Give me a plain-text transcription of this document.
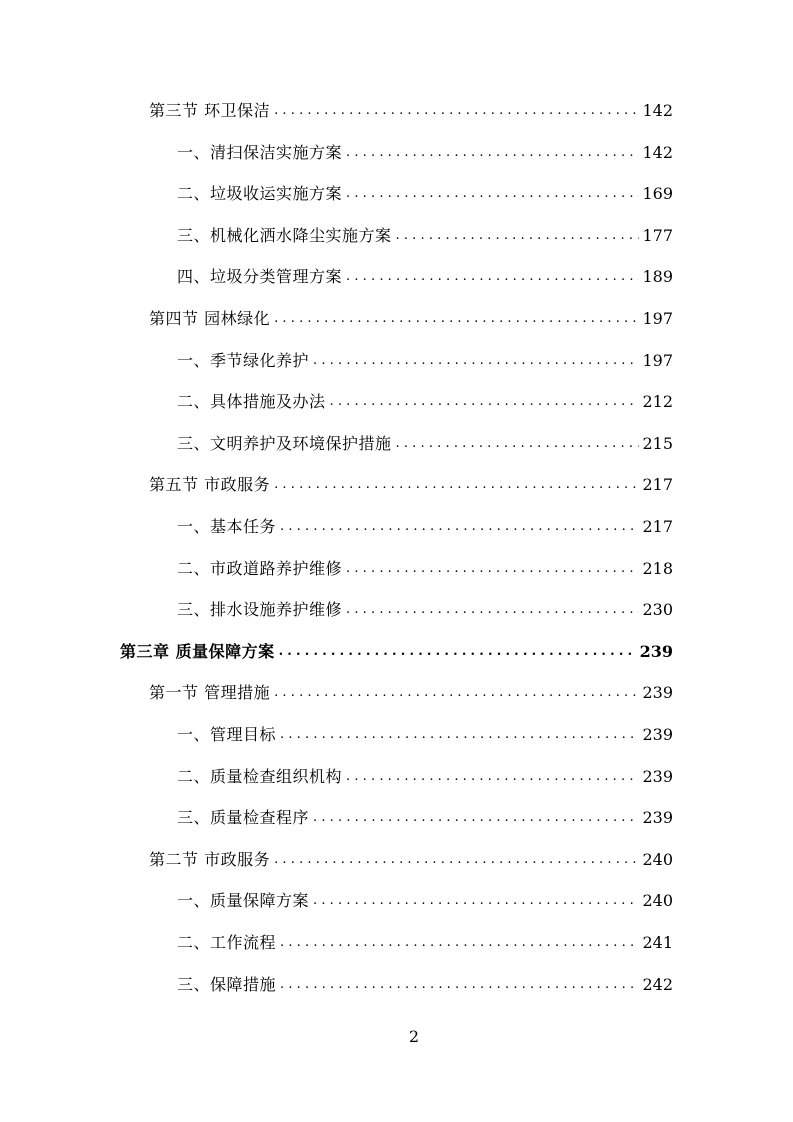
第三节 环卫保洁 .....	142
一、清扫保洁实施方案 .....	142
二、垃圾收运实施方案 .....	169
三、机械化洒水降尘实施方案 .....	177
四、垃圾分类管理方案 .....	189
第四节 园林绿化 .....	197
一、季节绿化养护 .....	197
二、具体措施及办法 .....	212
三、文明养护及环境保护措施 .....	215
第五节 市政服务 .....	217
一、基本任务 .....	217
二、市政道路养护维修 .....	218
三、排水设施养护维修 .....	230
第三章 质量保障方案 .....	239
第一节 管理措施 .....	239
一、管理目标 .....	239
二、质量检查组织机构 .....	239
三、质量检查程序 .....	239
第二节 市政服务 .....	240
一、质量保障方案 .....	240
二、工作流程 .....	241
三、保障措施 .....	242
2
